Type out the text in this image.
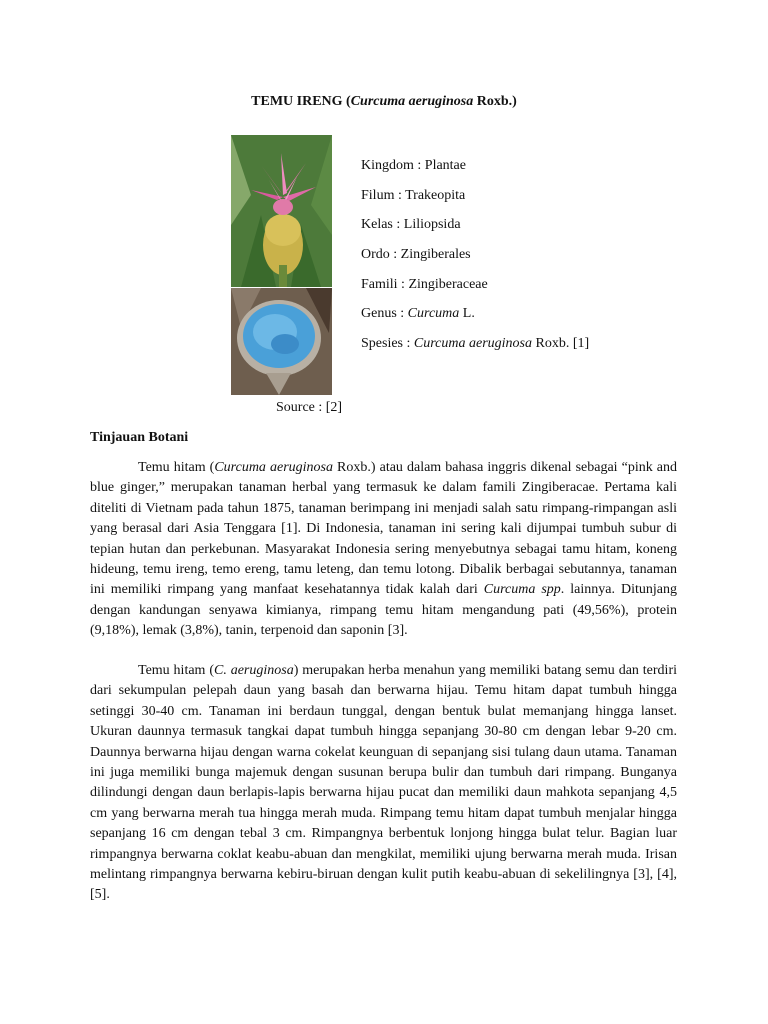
TEMU IRENG (Curcuma aeruginosa Roxb.)
Kingdom : Plantae
Filum : Trakeopita
Kelas : Liliopsida
Ordo : Zingiberales
Famili : Zingiberaceae
Genus : Curcuma L.
Spesies : Curcuma aeruginosa Roxb. [1]
Source : [2]
Tinjauan Botani

Temu hitam (Curcuma aeruginosa Roxb.) atau dalam bahasa inggris dikenal sebagai “pink and blue ginger,” merupakan tanaman herbal yang termasuk ke dalam famili Zingiberacae. Pertama kali diteliti di Vietnam pada tahun 1875, tanaman berimpang ini menjadi salah satu rimpang-rimpangan asli yang berasal dari Asia Tenggara [1]. Di Indonesia, tanaman ini sering kali dijumpai tumbuh subur di tepian hutan dan perkebunan. Masyarakat Indonesia sering menyebutnya sebagai tamu hitam, koneng hideung, temu ireng, temo ereng, tamu leteng, dan temu lotong. Dibalik berbagai sebutannya, tanaman ini memiliki rimpang yang manfaat kesehatannya tidak kalah dari Curcuma spp. lainnya. Ditunjang dengan kandungan senyawa kimianya, rimpang temu hitam mengandung pati (49,56%), protein (9,18%), lemak (3,8%), tanin, terpenoid dan saponin [3].

Temu hitam (C. aeruginosa) merupakan herba menahun yang memiliki batang semu dan terdiri dari sekumpulan pelepah daun yang basah dan berwarna hijau. Temu hitam dapat tumbuh hingga setinggi 30-40 cm. Tanaman ini berdaun tunggal, dengan bentuk bulat memanjang hingga lanset. Ukuran daunnya termasuk tangkai dapat tumbuh hingga sepanjang 30-80 cm dengan lebar 9-20 cm. Daunnya berwarna hijau dengan warna cokelat keunguan di sepanjang sisi tulang daun utama. Tanaman ini juga memiliki bunga majemuk dengan susunan berupa bulir dan tumbuh dari rimpang. Bunganya dilindungi dengan daun berlapis-lapis berwarna hijau pucat dan memiliki daun mahkota sepanjang 4,5 cm yang berwarna merah tua hingga merah muda. Rimpang temu hitam dapat tumbuh menjalar hingga sepanjang 16 cm dengan tebal 3 cm. Rimpangnya berbentuk lonjong hingga bulat telur. Bagian luar rimpangnya berwarna coklat keabu-abuan dan mengkilat, memiliki ujung berwarna merah muda. Irisan melintang rimpangnya berwarna kebiru-biruan dengan kulit putih keabu-abuan di sekelilingnya [3], [4], [5].
